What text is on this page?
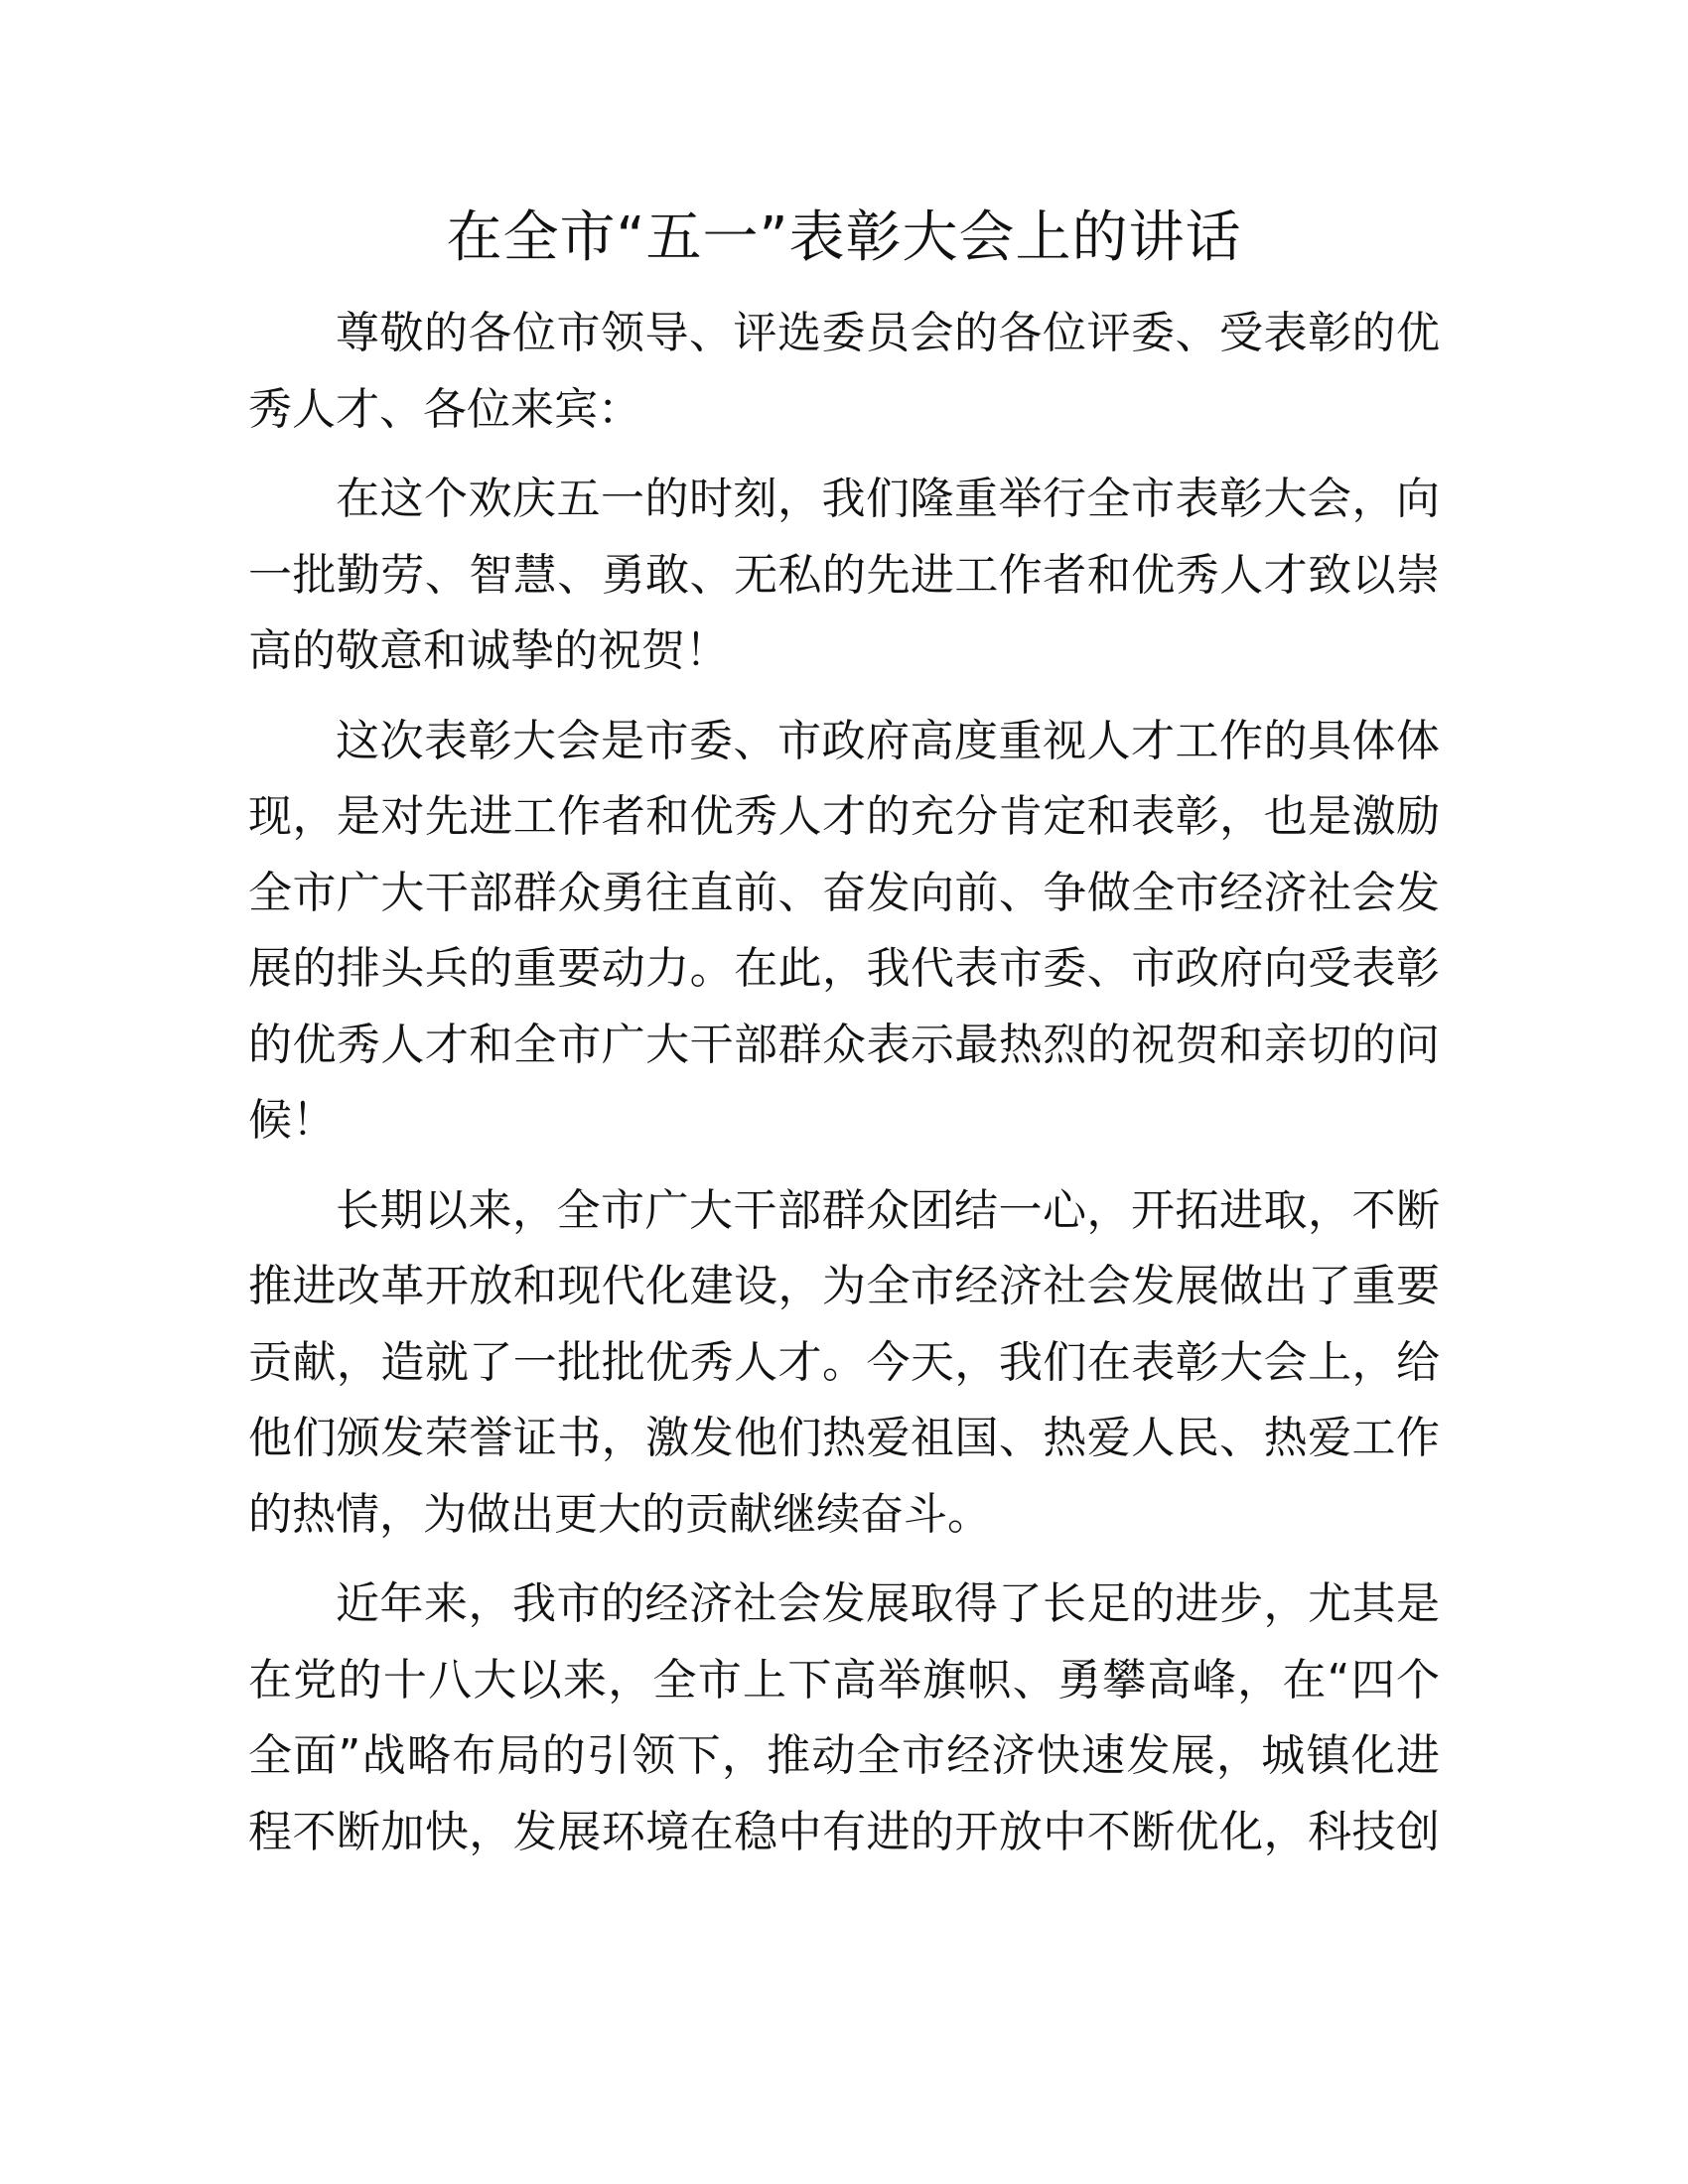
在全市“五一”表彰大会上的讲话

尊敬的各位市领导、评选委员会的各位评委、受表彰的优
秀人才、各位来宾：

在这个欢庆五一的时刻，我们隆重举行全市表彰大会，向
一批勤劳、智慧、勇敢、无私的先进工作者和优秀人才致以崇
高的敬意和诚挚的祝贺！

这次表彰大会是市委、市政府高度重视人才工作的具体体
现，是对先进工作者和优秀人才的充分肯定和表彰，也是激励
全市广大干部群众勇往直前、奋发向前、争做全市经济社会发
展的排头兵的重要动力。在此，我代表市委、市政府向受表彰
的优秀人才和全市广大干部群众表示最热烈的祝贺和亲切的问
候！

长期以来，全市广大干部群众团结一心，开拓进取，不断
推进改革开放和现代化建设，为全市经济社会发展做出了重要
贡献，造就了一批批优秀人才。今天，我们在表彰大会上，给
他们颁发荣誉证书，激发他们热爱祖国、热爱人民、热爱工作
的热情，为做出更大的贡献继续奋斗。

近年来，我市的经济社会发展取得了长足的进步，尤其是
在党的十八大以来，全市上下高举旗帜、勇攀高峰，在“四个
全面”战略布局的引领下，推动全市经济快速发展，城镇化进
程不断加快，发展环境在稳中有进的开放中不断优化，科技创
